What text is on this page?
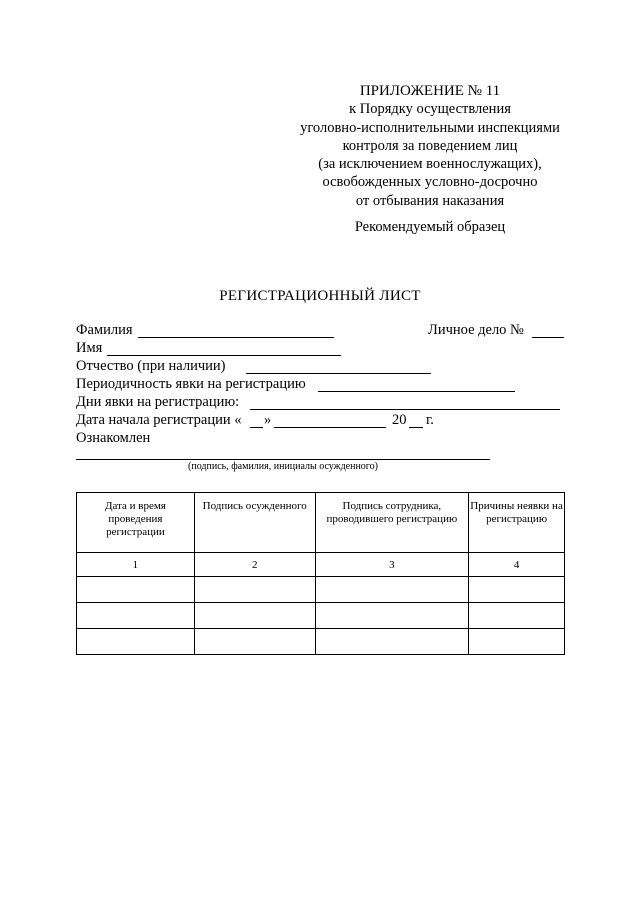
ПРИЛОЖЕНИЕ № 11
к Порядку осуществления
уголовно-исполнительными инспекциями
контроля за поведением лиц
(за исключением военнослужащих),
освобожденных условно-досрочно
от отбывания наказания
Рекомендуемый образец
РЕГИСТРАЦИОННЫЙ ЛИСТ
Фамилия	Личное дело №
Имя
Отчество (при наличии)
Периодичность явки на регистрацию
Дни явки на регистрацию:
Дата начала регистрации « »	20 г.
Ознакомлен
(подпись, фамилия, инициалы осужденного)
Дата и время проведения регистрации	Подпись осужденного	Подпись сотрудника, проводившего регистрацию	Причины неявки на регистрацию
1	2	3	4
